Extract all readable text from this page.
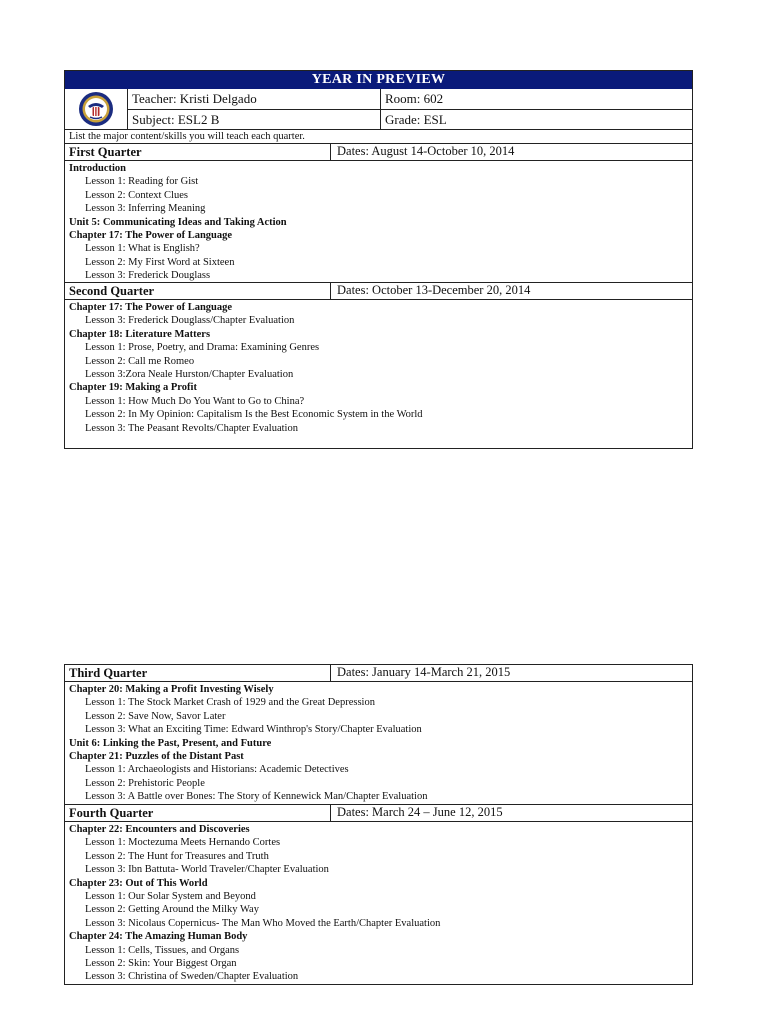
YEAR IN PREVIEW
Teacher: Kristi Delgado	Room: 602
Subject: ESL2 B	Grade: ESL
List the major content/skills you will teach each quarter.
First Quarter	Dates: August 14-October 10, 2014
Introduction
Lesson 1: Reading for Gist
Lesson 2: Context Clues
Lesson 3: Inferring Meaning
Unit 5: Communicating Ideas and Taking Action
Chapter 17: The Power of Language
Lesson 1: What is English?
Lesson 2: My First Word at Sixteen
Lesson 3: Frederick Douglass
Second Quarter	Dates: October 13-December 20, 2014
Chapter 17: The Power of Language
Lesson 3: Frederick Douglass/Chapter Evaluation
Chapter 18: Literature Matters
Lesson 1: Prose, Poetry, and Drama: Examining Genres
Lesson 2: Call me Romeo
Lesson 3:Zora Neale Hurston/Chapter Evaluation
Chapter 19: Making a Profit
Lesson 1: How Much Do You Want to Go to China?
Lesson 2: In My Opinion: Capitalism Is the Best Economic System in the World
Lesson 3: The Peasant Revolts/Chapter Evaluation
Third Quarter	Dates: January 14-March 21, 2015
Chapter 20: Making a Profit Investing Wisely
Lesson 1: The Stock Market Crash of 1929 and the Great Depression
Lesson 2: Save Now, Savor Later
Lesson 3: What an Exciting Time: Edward Winthrop's Story/Chapter Evaluation
Unit 6: Linking the Past, Present, and Future
Chapter 21: Puzzles of the Distant Past
Lesson 1: Archaeologists and Historians: Academic Detectives
Lesson 2: Prehistoric People
Lesson 3: A Battle over Bones: The Story of Kennewick Man/Chapter Evaluation
Fourth Quarter	Dates: March 24 – June 12, 2015
Chapter 22: Encounters and Discoveries
Lesson 1: Moctezuma Meets Hernando Cortes
Lesson 2: The Hunt for Treasures and Truth
Lesson 3: Ibn Battuta- World Traveler/Chapter Evaluation
Chapter 23: Out of This World
Lesson 1: Our Solar System and Beyond
Lesson 2: Getting Around the Milky Way
Lesson 3: Nicolaus Copernicus- The Man Who Moved the Earth/Chapter Evaluation
Chapter 24: The Amazing Human Body
Lesson 1: Cells, Tissues, and Organs
Lesson 2: Skin: Your Biggest Organ
Lesson 3: Christina of Sweden/Chapter Evaluation
